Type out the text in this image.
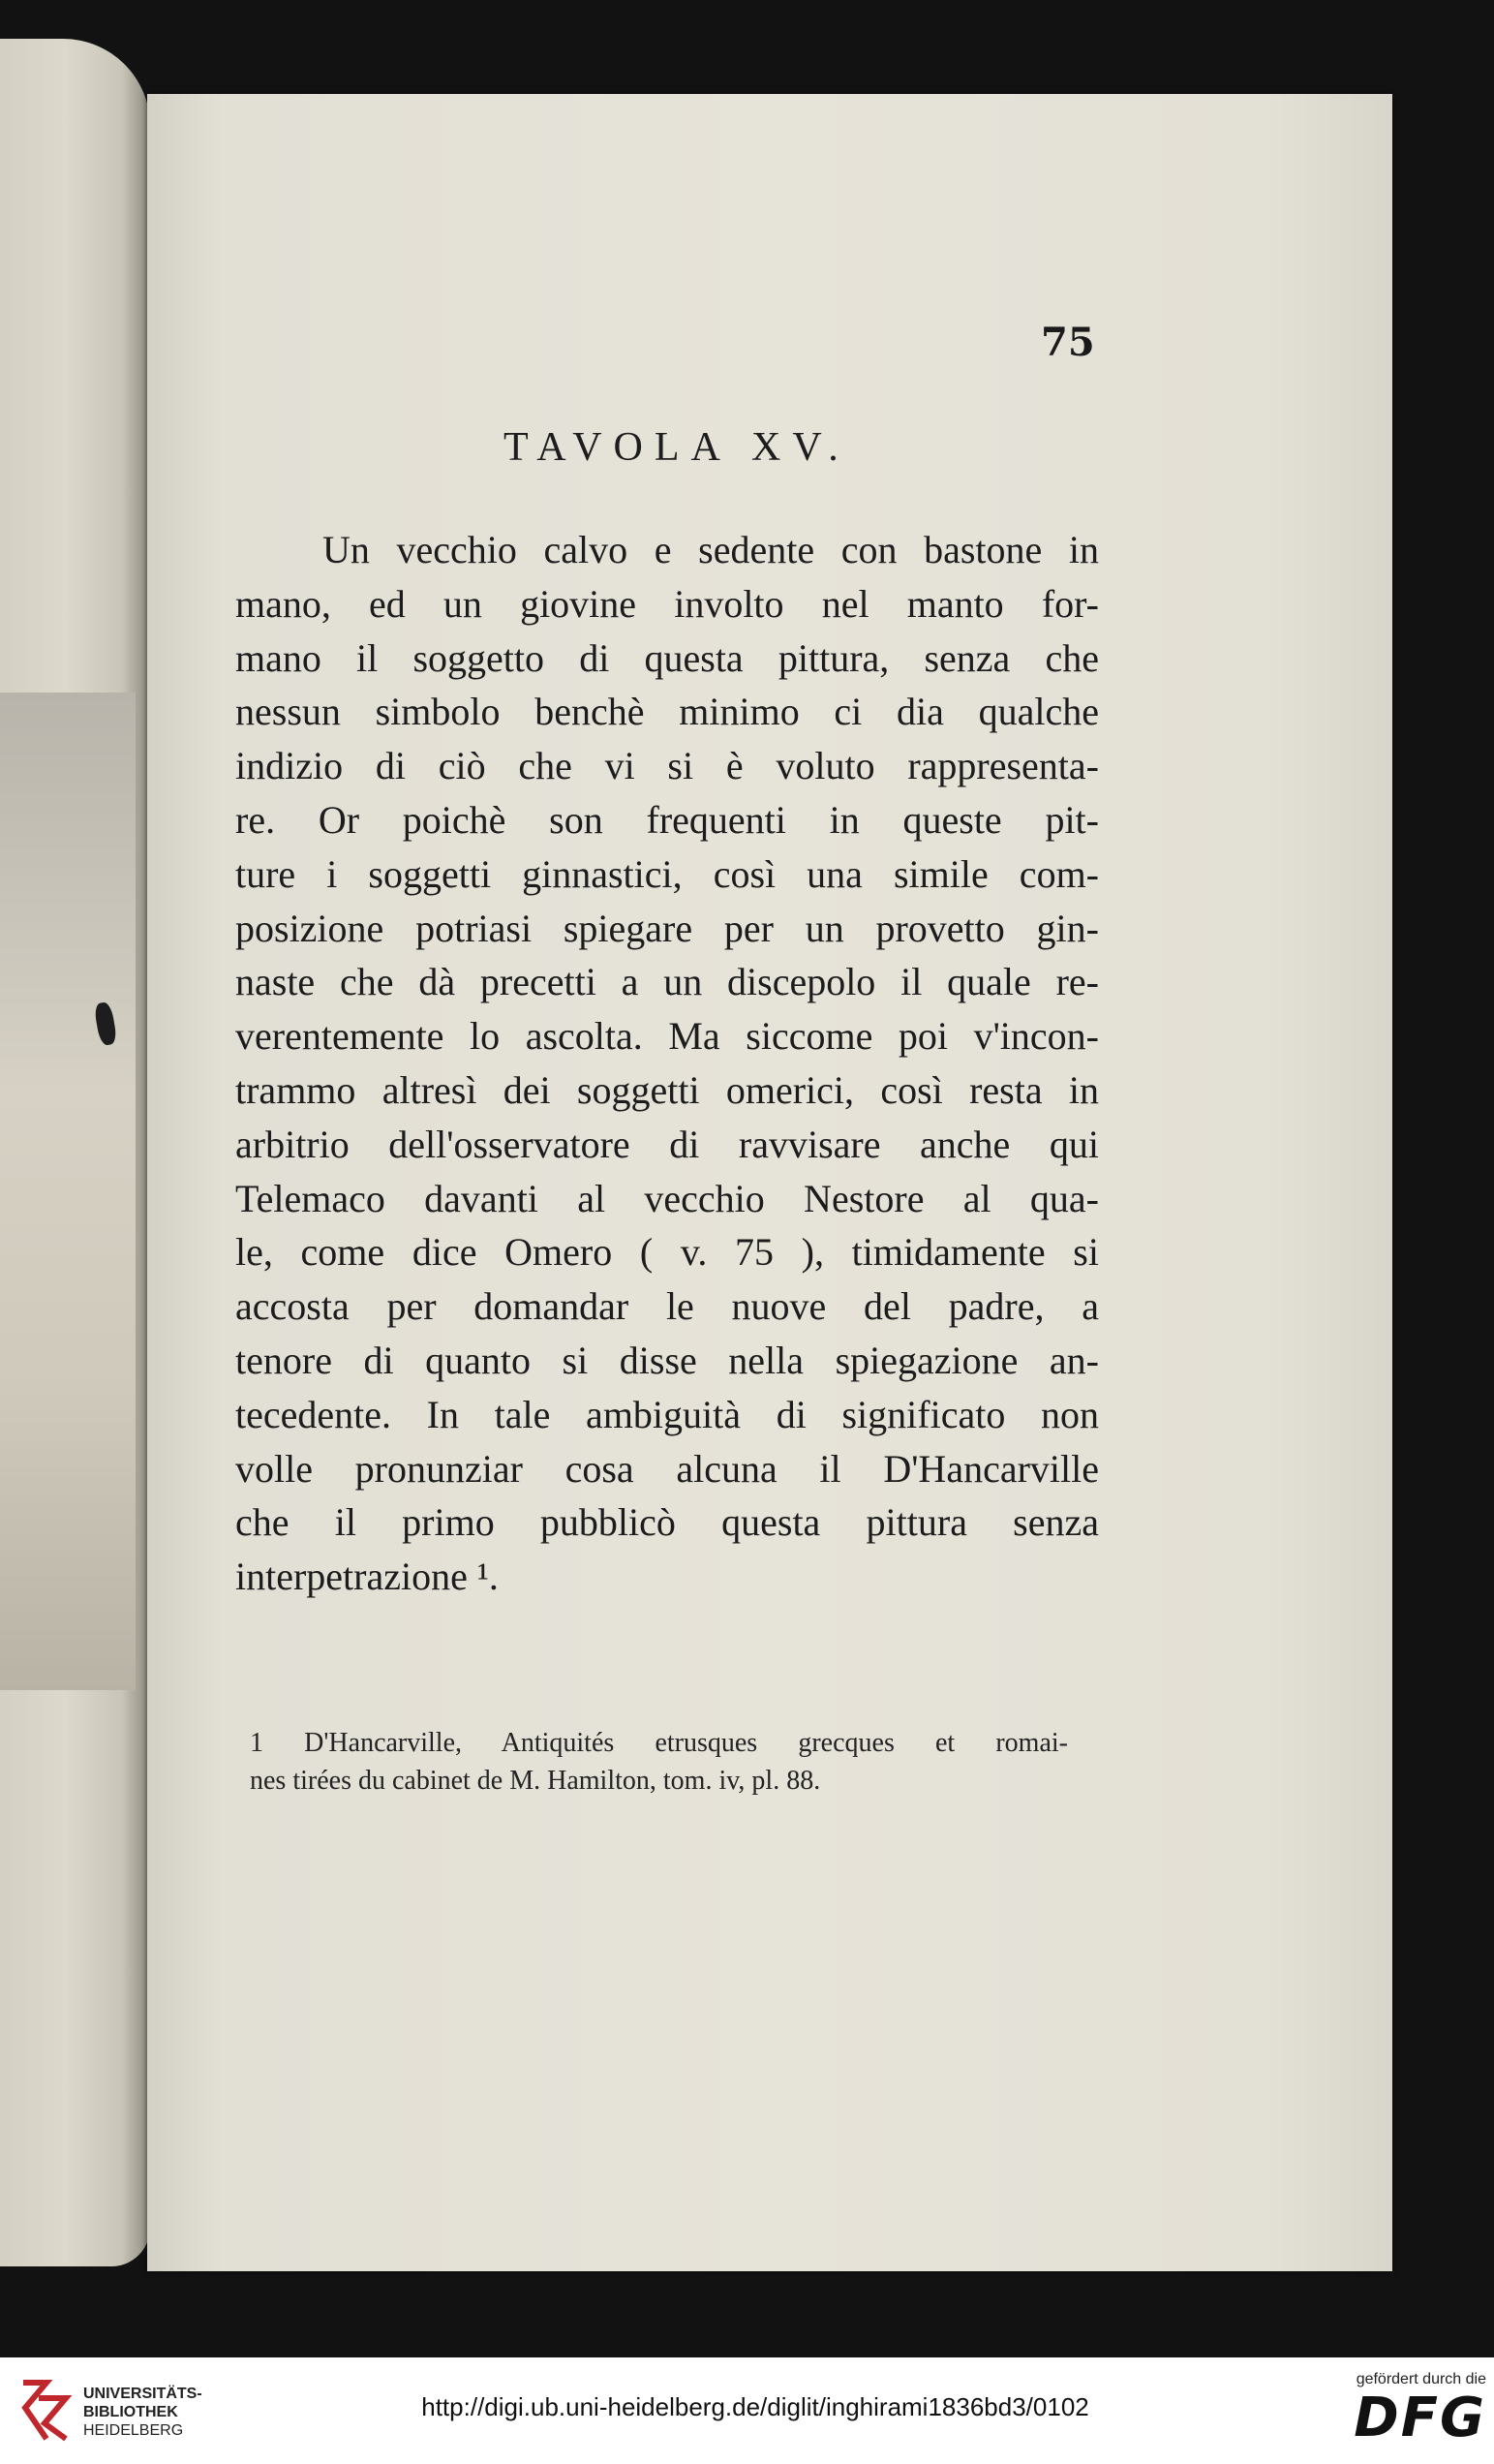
75
TAVOLA XV.
Un vecchio calvo e sedente con bastone in
mano, ed un giovine involto nel manto for-
mano il soggetto di questa pittura, senza che
nessun simbolo benchè minimo ci dia qualche
indizio di ciò che vi si è voluto rappresenta-
re. Or poichè son frequenti in queste pit-
ture i soggetti ginnastici, così una simile com-
posizione potriasi spiegare per un provetto gin-
naste che dà precetti a un discepolo il quale re-
verentemente lo ascolta. Ma siccome poi v'incon-
trammo altresì dei soggetti omerici, così resta in
arbitrio dell'osservatore di ravvisare anche qui
Telemaco davanti al vecchio Nestore al qua-
le, come dice Omero ( v. 75 ), timidamente si
accosta per domandar le nuove del padre, a
tenore di quanto si disse nella spiegazione an-
tecedente. In tale ambiguità di significato non
volle pronunziar cosa alcuna il D'Hancarville
che il primo pubblicò questa pittura senza
interpetrazione ¹.
1 D'Hancarville, Antiquités etrusques grecques et romai-
nes tirées du cabinet de M. Hamilton, tom. iv, pl. 88.
UNIVERSITÄTS-
BIBLIOTHEK
HEIDELBERG
http://digi.ub.uni-heidelberg.de/diglit/inghirami1836bd3/0102
gefördert durch die
DFG
